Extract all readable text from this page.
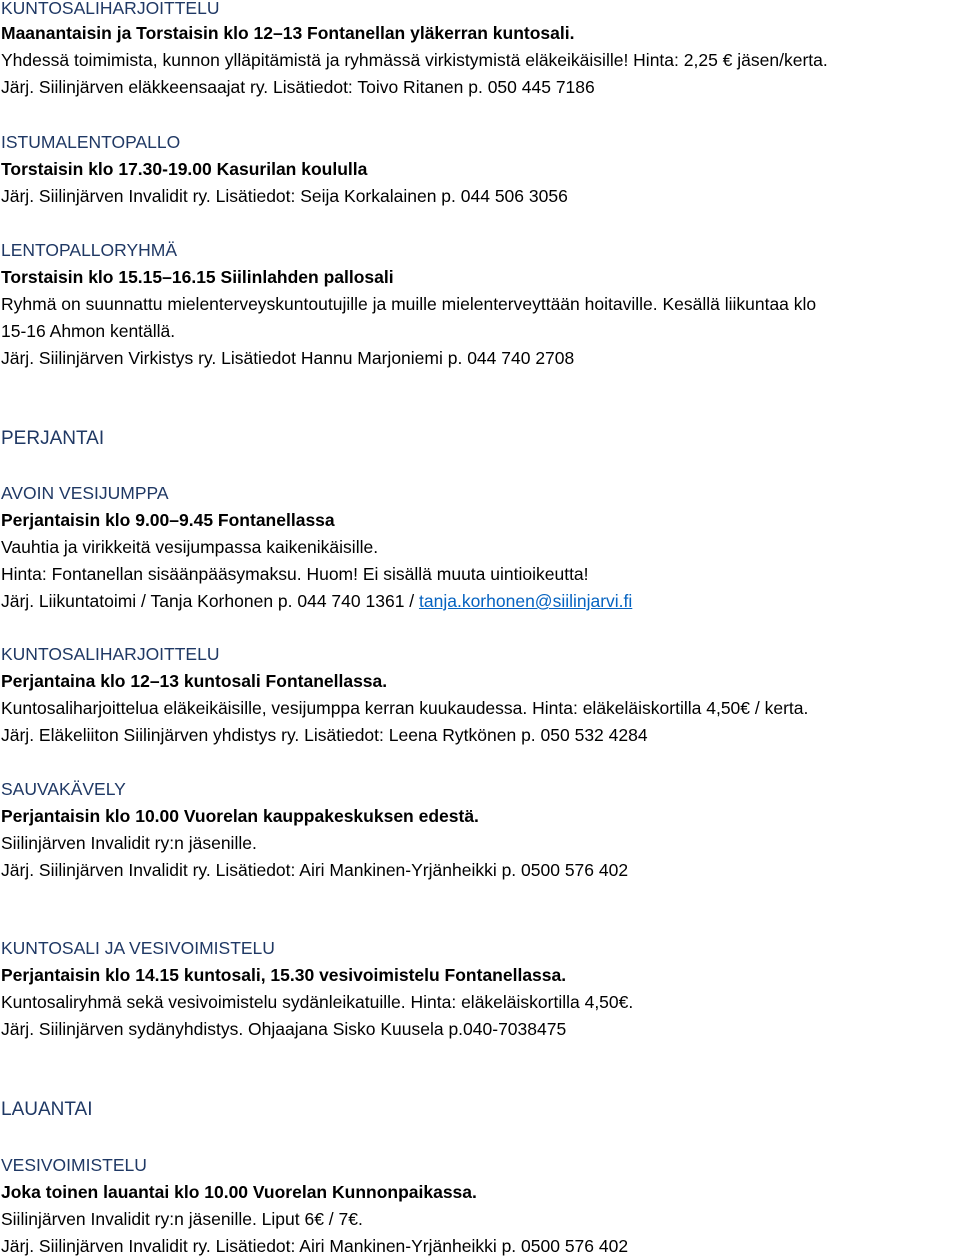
KUNTOSALIHARJOITTELU
Maanantaisin ja Torstaisin klo 12–13 Fontanellan yläkerran kuntosali.
Yhdessä toimimista, kunnon ylläpitämistä ja ryhmässä virkistymistä eläkeikäisille! Hinta: 2,25 € jäsen/kerta.
Järj. Siilinjärven eläkkeensaajat ry. Lisätiedot: Toivo Ritanen p. 050 445 7186
ISTUMALENTOPALLO
Torstaisin klo 17.30-19.00 Kasurilan koululla
Järj. Siilinjärven Invalidit ry. Lisätiedot: Seija Korkalainen p. 044 506 3056
LENTOPALLORYHMÄ
Torstaisin klo 15.15–16.15 Siilinlahden pallosali
Ryhmä on suunnattu mielenterveyskuntoutujille ja muille mielenterveyttään hoitaville. Kesällä liikuntaa klo
15-16 Ahmon kentällä.
Järj. Siilinjärven Virkistys ry. Lisätiedot Hannu Marjoniemi p. 044 740 2708
PERJANTAI
AVOIN VESIJUMPPA
Perjantaisin klo 9.00–9.45 Fontanellassa
Vauhtia ja virikkeitä vesijumpassa kaikenikäisille.
Hinta: Fontanellan sisäänpääsymaksu. Huom! Ei sisällä muuta uintioikeutta!
Järj. Liikuntatoimi / Tanja Korhonen p. 044 740 1361 / tanja.korhonen@siilinjarvi.fi
KUNTOSALIHARJOITTELU
Perjantaina klo 12–13 kuntosali Fontanellassa.
Kuntosaliharjoittelua eläkeikäisille, vesijumppa kerran kuukaudessa. Hinta: eläkeläiskortilla 4,50€ / kerta.
Järj. Eläkeliiton Siilinjärven yhdistys ry. Lisätiedot: Leena Rytkönen p. 050 532 4284
SAUVAKÄVELY
Perjantaisin klo 10.00 Vuorelan kauppakeskuksen edestä.
Siilinjärven Invalidit ry:n jäsenille.
Järj. Siilinjärven Invalidit ry. Lisätiedot: Airi Mankinen-Yrjänheikki p. 0500 576 402
KUNTOSALI JA VESIVOIMISTELU
Perjantaisin klo 14.15 kuntosali, 15.30 vesivoimistelu Fontanellassa.
Kuntosaliryhmä sekä vesivoimistelu sydänleikatuille. Hinta: eläkeläiskortilla 4,50€.
Järj. Siilinjärven sydänyhdistys. Ohjaajana Sisko Kuusela p.040-7038475
LAUANTAI
VESIVOIMISTELU
Joka toinen lauantai klo 10.00 Vuorelan Kunnonpaikassa.
Siilinjärven Invalidit ry:n jäsenille. Liput 6€ / 7€.
Järj. Siilinjärven Invalidit ry. Lisätiedot: Airi Mankinen-Yrjänheikki p. 0500 576 402
